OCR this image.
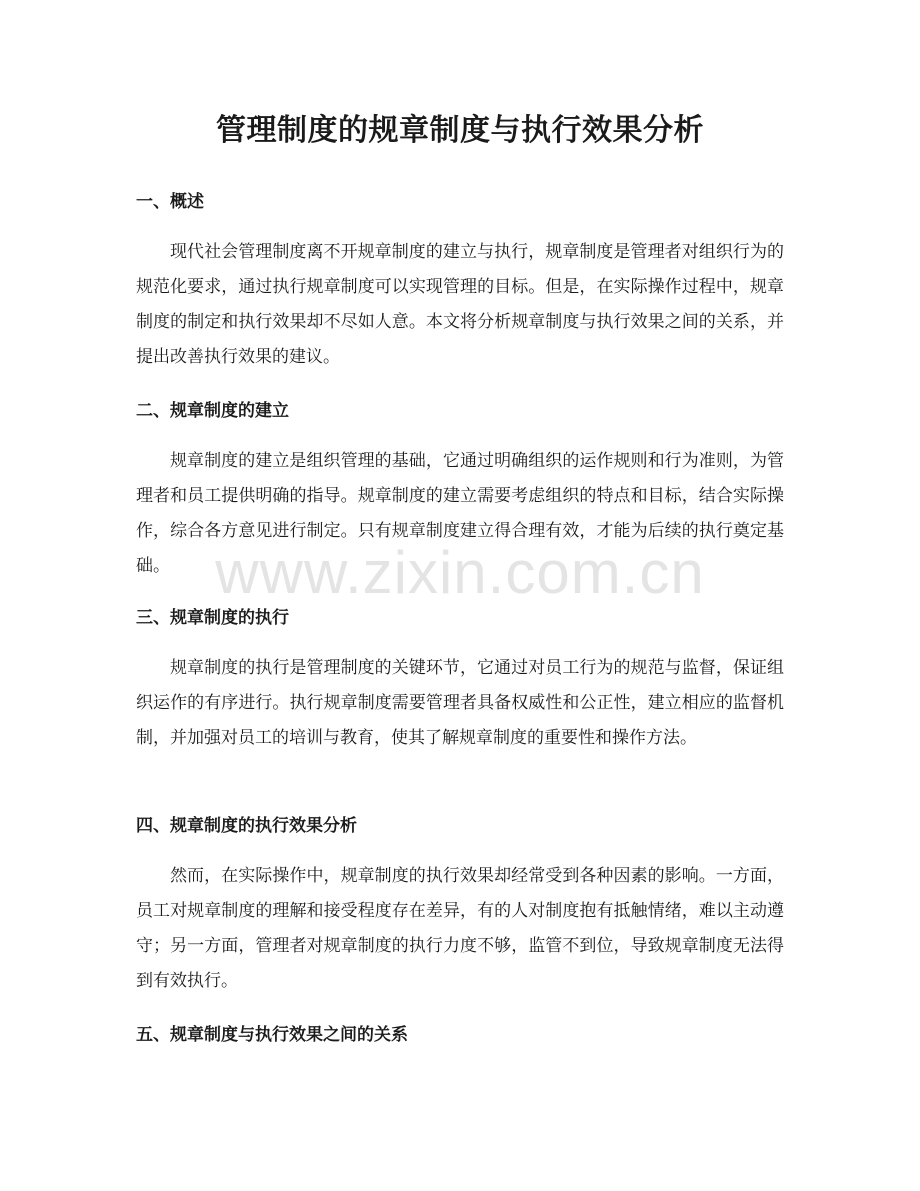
管理制度的规章制度与执行效果分析
一、概述

现代社会管理制度离不开规章制度的建立与执行，规章制度是管理者对组织行为的规范化要求，通过执行规章制度可以实现管理的目标。但是，在实际操作过程中，规章制度的制定和执行效果却不尽如人意。本文将分析规章制度与执行效果之间的关系，并提出改善执行效果的建议。

二、规章制度的建立

规章制度的建立是组织管理的基础，它通过明确组织的运作规则和行为准则，为管理者和员工提供明确的指导。规章制度的建立需要考虑组织的特点和目标，结合实际操作，综合各方意见进行制定。只有规章制度建立得合理有效，才能为后续的执行奠定基础。

三、规章制度的执行

规章制度的执行是管理制度的关键环节，它通过对员工行为的规范与监督，保证组织运作的有序进行。执行规章制度需要管理者具备权威性和公正性，建立相应的监督机制，并加强对员工的培训与教育，使其了解规章制度的重要性和操作方法。

四、规章制度的执行效果分析

然而，在实际操作中，规章制度的执行效果却经常受到各种因素的影响。一方面，员工对规章制度的理解和接受程度存在差异，有的人对制度抱有抵触情绪，难以主动遵守；另一方面，管理者对规章制度的执行力度不够，监管不到位，导致规章制度无法得到有效执行。

五、规章制度与执行效果之间的关系
www.zixin.com.cn
